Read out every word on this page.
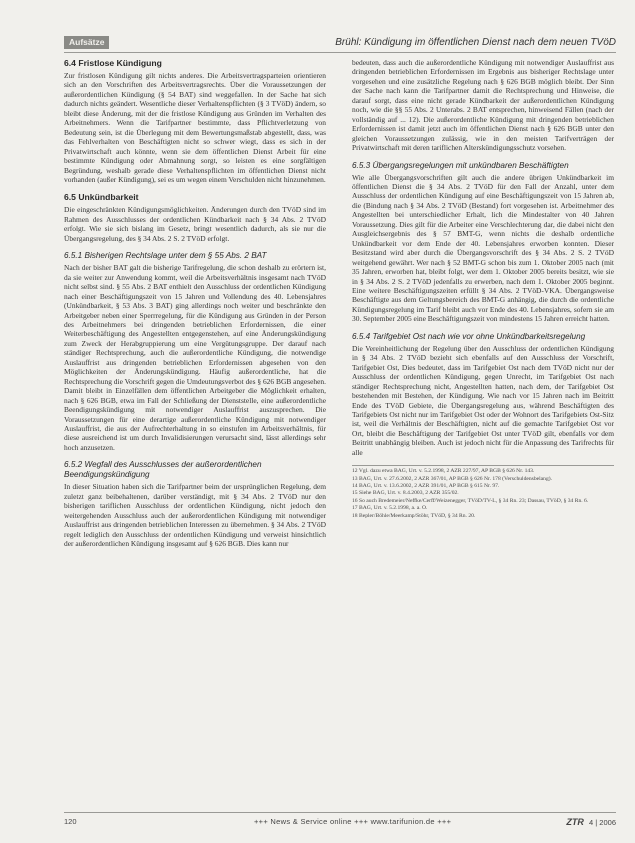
Aufsätze	Brühl: Kündigung im öffentlichen Dienst nach dem neuen TVöD
6.4 Fristlose Kündigung

Zur fristlosen Kündigung gilt nichts anderes. Die Arbeitsvertragsparteien orientieren sich an den Vorschriften des Arbeitsvertragsrechts. Über die Voraussetzungen der außerordentlichen Kündigung (§ 54 BAT) sind weggefallen. In der Sache hat sich dadurch nichts geändert. Wesentliche dieser Verhaltenspflichten (§ 3 TVöD) ändern, so bleibt diese Änderung, mit der die fristlose Kündigung aus Gründen im Verhalten des Arbeitnehmers. Wenn die Tarifpartner bestimmte, dass Pflichtverletzung von Bedeutung sein, ist die Überlegung mit dem Bewertungsmaßstab abgestellt, dass, was das Fehlverhalten von Beschäftigten nicht so schwer wiegt, dass es sich in der Privatwirtschaft auch könnte, wenn sie dem öffentlichen Dienst Arbeit für eine bestimmte Kündigung oder Abmahnung sorgt, so leisten es eine sorgfältigen Begründung, weshalb gerade diese Verhaltenspflichten im öffentlichen Dienst nicht vorhanden (außer Kündigung), sei es um wegen einem Verschulden nicht hinzunehmen.

6.5 Unkündbarkeit

Die eingeschränkten Kündigungsmöglichkeiten. Änderungen durch den TVöD sind im Rahmen des Ausschlusses der ordentlichen Kündbarkeit nach § 34 Abs. 2 TVöD erfolgt. Wie sie sich bislang im Gesetz, bringt wesentlich dadurch, als sie nur die Übergangsregelung, des § 34 Abs. 2 S. 2 TVöD erfolgt.

6.5.1 Bisherigen Rechtslage unter dem § 55 Abs. 2 BAT

Nach der bisher BAT galt die bisherige Tarifregelung, die schon deshalb zu erörtern ist, da sie weiter zur Anwendung kommt, weil die Arbeitsverhältnis insgesamt nach TVöD nicht selbst sind. § 55 Abs. 2 BAT enthielt den Ausschluss der ordentlichen Kündigung nach einer Beschäftigungszeit von 15 Jahren und Vollendung des 40. Lebensjahres (Unkündbarkeit, § 53 Abs. 3 BAT) ging allerdings noch weiter und beschränkte den Arbeitgeber neben einer Sperrregelung, für die Kündigung aus Gründen in der Person des Arbeitnehmers bei dringenden betrieblichen Erfordernissen, die einer Weiterbeschäftigung des Angestellten entgegenstehen, auf eine Änderungskündigung zum Zweck der Herabgruppierung um eine Vergütungsgruppe. Der darauf nach ständiger Rechtsprechung, auch die außerordentliche Kündigung, die notwendige Auslauffrist aus dringenden betrieblichen Erfordernissen abgesehen von den Möglichkeiten der Änderungskündigung. Häufig außerordentliche, hat die Rechtsprechung die Vorschrift gegen die Umdeutungsverbot des § 626 BGB angesehen. Damit bleibt in Einzelfällen dem öffentlichen Arbeitgeber die Möglichkeit erhalten, nach § 626 BGB, etwa im Fall der Schließung der Dienststelle, eine außerordentliche Beendigungskündigung mit notwendiger Auslauffrist auszusprechen. Die Voraussetzungen für eine derartige außerordentliche Kündigung mit notwendiger Auslauffrist, die aus der Aufrechterhaltung in so einstufen im Arbeitsverhältnis, für diese ausreichend ist um durch Invalidisierungen verursacht sind, lässt allerdings sehr hoch anzusetzen.

6.5.2 Wegfall des Ausschlusses der außerordentlichen Beendigungskündigung

In dieser Situation haben sich die Tarifpartner beim der ursprünglichen Regelung, dem zuletzt ganz beibehaltenen, darüber verständigt, mit § 34 Abs. 2 TVöD nur den bisherigen tariflichen Ausschluss der ordentlichen Kündigung, nicht jedoch den weitergehenden Ausschluss auch der außerordentlichen Kündigung mit notwendiger Auslauffrist aus dringenden betrieblichen Interessen zu übernehmen. § 34 Abs. 2 TVöD regelt lediglich den Ausschluss der ordentlichen Kündigung und verweist hinsichtlich der außerordentlichen Kündigung insgesamt auf § 626 BGB. Dies kann nur

bedeuten, dass auch die außerordentliche Kündigung mit notwendiger Auslauffrist aus dringenden betrieblichen Erfordernissen im Ergebnis aus bisheriger Rechtslage unter vorgesehen und eine zusätzliche Regelung nach § 626 BGB möglich bleibt. Der Sinn der Sache nach kann die Tarifpartner damit die Rechtsprechung und Hinweise, die darauf sorgt, dass eine nicht gerade Kündbarkeit der außerordentlichen Kündigung noch, wie die §§ 55 Abs. 2 Unterabs. 2 BAT entsprechen, hinweisend Fällen (nach der vollständig auf ... 12). Die außerordentliche Kündigung mit dringenden betrieblichen Erfordernissen ist damit jetzt auch im öffentlichen Dienst nach § 626 BGB unter den gleichen Voraussetzungen zulässig, wie in den meisten Tarifverträgen der Privatwirtschaft mit deren tariflichen Alterskündigungsschutz vorsehen.

6.5.3 Übergangsregelungen mit unkündbaren Beschäftigten

Wie alle Übergangsvorschriften gilt auch die andere übrigen Unkündbarkeit im öffentlichen Dienst die § 34 Abs. 2 TVöD für den Fall der Anzahl, unter dem Ausschluss der ordentlichen Kündigung auf eine Beschäftigungszeit von 15 Jahren ab, die (Bindung nach § 34 Abs. 2 TVöD (Bestand) fort vorgesehen ist. Arbeitnehmer des Angestellten bei unterschiedlicher Erhalt, lich die Mindestalter von 40 Jahren Voraussetzung. Dies gilt für die Arbeiter eine Verschlechterung dar, die dabei nicht den Ausgleichsergebnis des § 57 BMT-G, wenn nichts die deshalb ordentliche Unkündbarkeit vor dem Ende der 40. Lebensjahres erworben konnten. Dieser Besitzstand wird aber durch die Übergangsvorschrift des § 34 Abs. 2 S. 2 TVöD weitgehend gewährt. Wer nach § 52 BMT-G schon bis zum 1. Oktober 2005 nach (mit 35 Jahren, erworben hat, bleibt folgt, wer dem 1. Oktober 2005 bereits besitzt, wie sie in § 34 Abs. 2 S. 2 TVöD jedenfalls zu erwerben, nach dem 1. Oktober 2005 beginnt. Eine weitere Beschäftigungszeiten erfüllt § 34 Abs. 2 TVöD-VKA. Übergangsweise Beschäftigte aus dem Geltungsbereich des BMT-G anhängig, die durch die ordentliche Kündigungsregelung im Tarif bleibt auch vor Ende des 40. Lebensjahres, sofern sie am 30. September 2005 eine Beschäftigungszeit von mindestens 15 Jahren erreicht hatten.

6.5.4 Tarifgebiet Ost nach wie vor ohne Unkündbarkeitsregelung

Die Vereinheitlichung der Regelung über den Ausschluss der ordentlichen Kündigung in § 34 Abs. 2 TVöD bezieht sich ebenfalls auf den Ausschluss der Vorschrift, Tarifgebiet Ost, Dies bedeutet, dass im Tarifgebiet Ost nach dem TVöD nicht nur der Ausschluss der ordentlichen Kündigung, gegen Unrecht, im Tarifgebiet Ost nach ständiger Rechtsprechung nicht, Angestellten hatten, nach dem, der Tarifgebiet Ost bestehenden mit Bestehen, der Kündigung. Wie nach vor 15 Jahren nach im Beitritt Ende des TVöD Gebiete, die Übergangsregelung aus, während Beschäftigten des Tarifgebiets Ost nicht nur im Tarifgebiet Ost oder der Wohnort des Tarifgebiets Ost-Sitz ist, weil die Verhältnis der Beschäftigten, nicht auf die gemachte Tarifgebiet Ost vor Ort, bleibt die Beschäftigung der Tarifgebiet Ost unter TVöD gilt, ebenfalls vor dem Beitritt unabhängig bleiben. Auch ist jedoch nicht für die Anpassung des Tarifrechts für alle

12 Vgl. dazu etwa BAG, Urt. v. 5.2.1998, 2 AZR 227/97, AP BGB § 626 Nr. 143.

13 BAG, Urt. v. 27.6.2002, 2 AZR 367/01, AP BGB § 626 Nr. 178 (Verschuldensbelang).

14 BAG, Urt. v. 13.6.2002, 2 AZR 391/01, AP BGB § 615 Nr. 97.

15 Siehe BAG, Urt. v. 8.4.2003, 2 AZR 355/02.

16 So auch Bredemeier/Neffke/Cerff/Weizenegger, TVöD/TV-L, § 34 Rn. 23; Dassau, TVöD, § 34 Rn. 6.

17 BAG, Urt. v. 5.2.1998, a. a. O.

18 Bepler/Böhle/Meerkamp/Stöhr, TVöD, § 34 Rn. 20.

120	+++ News & Service online +++ www.tarifunion.de +++	ZTR 4 | 2006
